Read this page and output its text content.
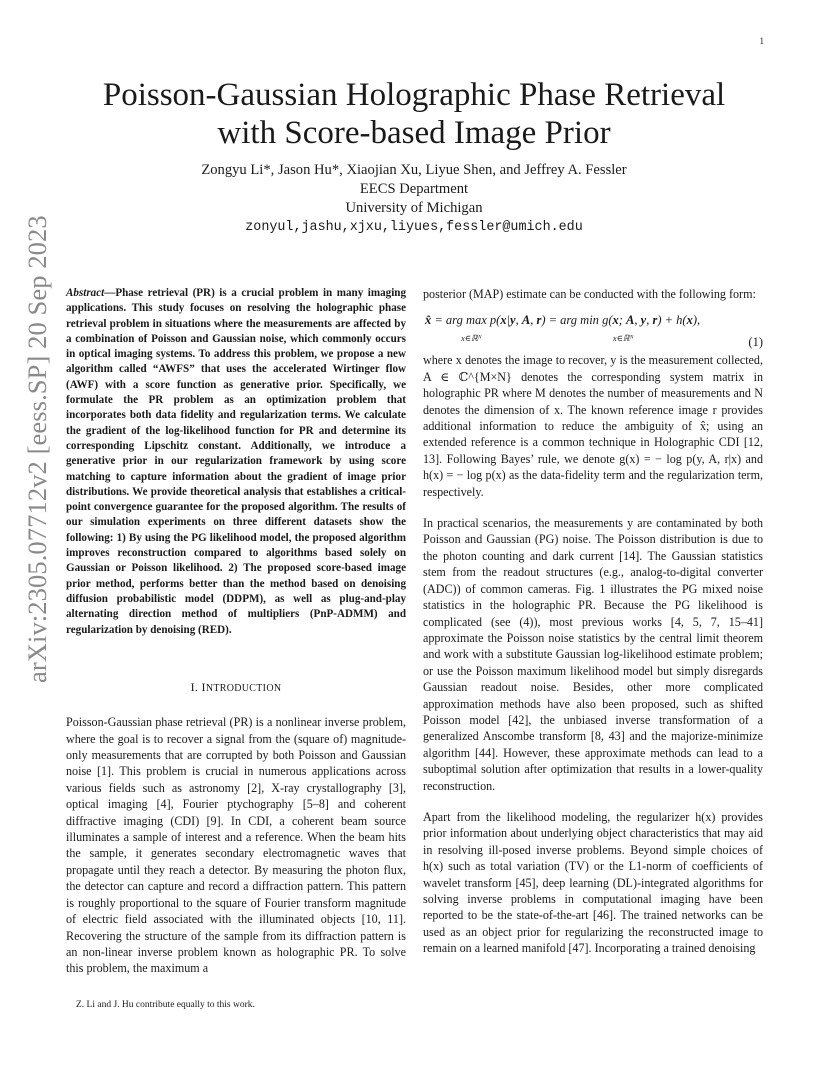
1
arXiv:2305.07712v2 [eess.SP] 20 Sep 2023
Poisson-Gaussian Holographic Phase Retrieval
with Score-based Image Prior
Zongyu Li*, Jason Hu*, Xiaojian Xu, Liyue Shen, and Jeffrey A. Fessler
EECS Department
University of Michigan
zonyul,jashu,xjxu,liyues,fessler@umich.edu

Abstract—Phase retrieval (PR) is a crucial problem in many imaging applications. This study focuses on resolving the holographic phase retrieval problem in situations where the measurements are affected by a combination of Poisson and Gaussian noise, which commonly occurs in optical imaging systems. To address this problem, we propose a new algorithm called “AWFS” that uses the accelerated Wirtinger flow (AWF) with a score function as generative prior. Specifically, we formulate the PR problem as an optimization problem that incorporates both data fidelity and regularization terms. We calculate the gradient of the log-likelihood function for PR and determine its corresponding Lipschitz constant. Additionally, we introduce a generative prior in our regularization framework by using score matching to capture information about the gradient of image prior distributions. We provide theoretical analysis that establishes a critical-point convergence guarantee for the proposed algorithm. The results of our simulation experiments on three different datasets show the following: 1) By using the PG likelihood model, the proposed algorithm improves reconstruction compared to algorithms based solely on Gaussian or Poisson likelihood. 2) The proposed score-based image prior method, performs better than the method based on denoising diffusion probabilistic model (DDPM), as well as plug-and-play alternating direction method of multipliers (PnP-ADMM) and regularization by denoising (RED).

I. INTRODUCTION

Poisson-Gaussian phase retrieval (PR) is a nonlinear inverse problem, where the goal is to recover a signal from the (square of) magnitude-only measurements that are corrupted by both Poisson and Gaussian noise [1]. This problem is crucial in numerous applications across various fields such as astronomy [2], X-ray crystallography [3], optical imaging [4], Fourier ptychography [5–8] and coherent diffractive imaging (CDI) [9]. In CDI, a coherent beam source illuminates a sample of interest and a reference. When the beam hits the sample, it generates secondary electromagnetic waves that propagate until they reach a detector. By measuring the photon flux, the detector can capture and record a diffraction pattern. This pattern is roughly proportional to the square of Fourier transform magnitude of electric field associated with the illuminated objects [10, 11]. Recovering the structure of the sample from its diffraction pattern is an non-linear inverse problem known as holographic PR. To solve this problem, the maximum a

Z. Li and J. Hu contribute equally to this work.

posterior (MAP) estimate can be conducted with the following form:

x̂ = arg max p(x|y, A, r) = arg min g(x; A, y, r) + h(x),
x∈ℝᴺ	x∈ℝᴺ	(1)

where x denotes the image to recover, y is the measurement collected, A ∈ ℂ^{M×N} denotes the corresponding system matrix in holographic PR where M denotes the number of measurements and N denotes the dimension of x. The known reference image r provides additional information to reduce the ambiguity of x̂; using an extended reference is a common technique in Holographic CDI [12, 13]. Following Bayes’ rule, we denote g(x) = − log p(y, A, r|x) and h(x) = − log p(x) as the data-fidelity term and the regularization term, respectively.

In practical scenarios, the measurements y are contaminated by both Poisson and Gaussian (PG) noise. The Poisson distribution is due to the photon counting and dark current [14]. The Gaussian statistics stem from the readout structures (e.g., analog-to-digital converter (ADC)) of common cameras. Fig. 1 illustrates the PG mixed noise statistics in the holographic PR. Because the PG likelihood is complicated (see (4)), most previous works [4, 5, 7, 15–41] approximate the Poisson noise statistics by the central limit theorem and work with a substitute Gaussian log-likelihood estimate problem; or use the Poisson maximum likelihood model but simply disregards Gaussian readout noise. Besides, other more complicated approximation methods have also been proposed, such as shifted Poisson model [42], the unbiased inverse transformation of a generalized Anscombe transform [8, 43] and the majorize-minimize algorithm [44]. However, these approximate methods can lead to a suboptimal solution after optimization that results in a lower-quality reconstruction.

Apart from the likelihood modeling, the regularizer h(x) provides prior information about underlying object characteristics that may aid in resolving ill-posed inverse problems. Beyond simple choices of h(x) such as total variation (TV) or the L1-norm of coefficients of wavelet transform [45], deep learning (DL)-integrated algorithms for solving inverse problems in computational imaging have been reported to be the state-of-the-art [46]. The trained networks can be used as an object prior for regularizing the reconstructed image to remain on a learned manifold [47]. Incorporating a trained denoising
